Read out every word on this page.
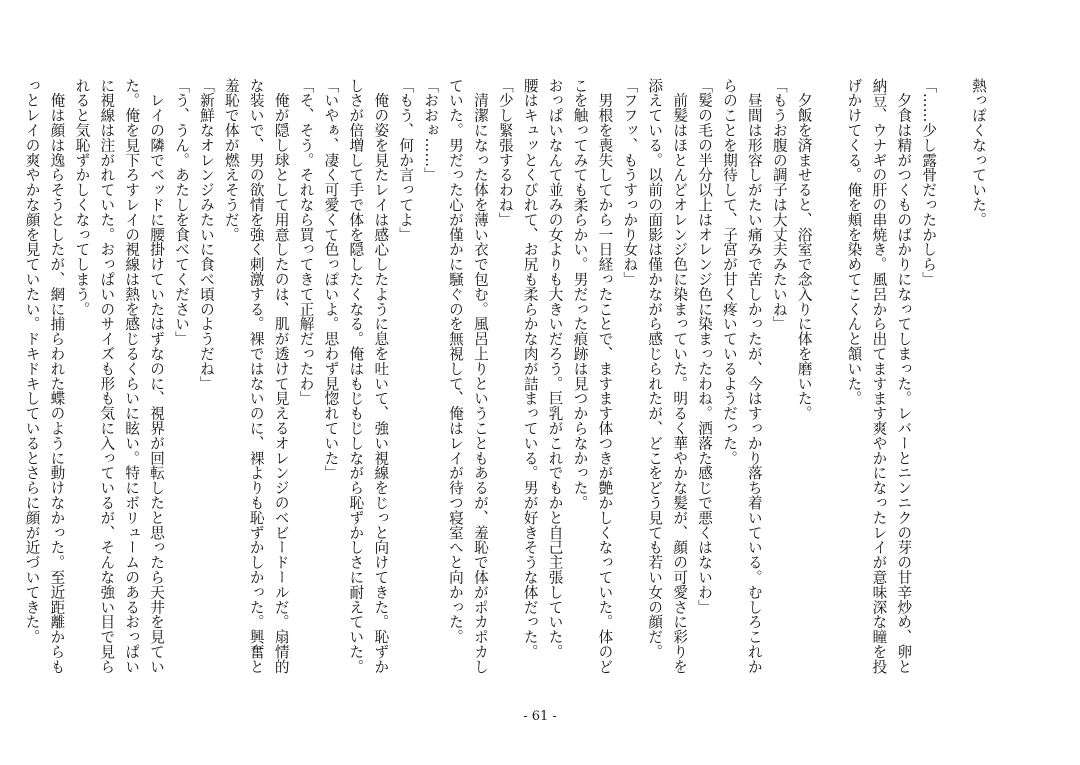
熱っぽくなっていた。

「……少し露骨だったかしら」
　夕食は精がつくものばかりになってしまった。レバーとニンニクの芽の甘辛炒め、卵と
納豆、ウナギの肝の串焼き。風呂から出てますます爽やかになったレイが意味深な瞳を投
げかけてくる。俺を頬を染めてこくんと頷いた。

　夕飯を済ませると、浴室で念入りに体を磨いた。
「もうお腹の調子は大丈夫みたいね」
　昼間は形容しがたい痛みで苦しかったが、今はすっかり落ち着いている。むしろこれか
らのことを期待して、子宮が甘く疼いているようだった。
「髪の毛の半分以上はオレンジ色に染まったわね。洒落た感じで悪くはないわ」
　前髪はほとんどオレンジ色に染まっていた。明るく華やかな髪が、顔の可愛さに彩りを
添えている。以前の面影は僅かながら感じられたが、どこをどう見ても若い女の顔だ。
「フフッ、もうすっかり女ね」
　男根を喪失してから一日経ったことで、ますます体つきが艶かしくなっていた。体のど
こを触ってみても柔らかい。男だった痕跡は見つからなかった。
おっぱいなんて並みの女よりも大きいだろう。巨乳がこれでもかと自己主張していた。
腰はキュッとくびれて、お尻も柔らかな肉が詰まっている。男が好きそうな体だった。
「少し緊張するわね」
　清潔になった体を薄い衣で包む。風呂上りということもあるが、羞恥で体がポカポカし
ていた。男だった心が僅かに騒ぐのを無視して、俺はレイが待つ寝室へと向かった。
「おおぉ……」
「もう、何か言ってよ」
　俺の姿を見たレイは感心したように息を吐いて、強い視線をじっと向けてきた。恥ずか
しさが倍増して手で体を隠したくなる。俺はもじもじしながら恥ずかしさに耐えていた。
「いやぁ、凄く可愛くて色っぽいよ。思わず見惚れていた」
「そ、そう。それなら買ってきて正解だったわ」
　俺が隠し球として用意したのは、肌が透けて見えるオレンジのベビードールだ。扇情的
な装いで、男の欲情を強く刺激する。裸ではないのに、裸よりも恥ずかしかった。興奮と
羞恥で体が燃えそうだ。
「新鮮なオレンジみたいに食べ頃のようだね」
「う、うん。あたしを食べてください」
　レイの隣でベッドに腰掛けていたはずなのに、視界が回転したと思ったら天井を見てい
た。俺を見下ろすレイの視線は熱を感じるくらいに眩い。特にボリュームのあるおっぱい
に視線は注がれていた。おっぱいのサイズも形も気に入っているが、そんな強い目で見ら
れると気恥ずかしくなってしまう。
　俺は顔は逸らそうとしたが、網に捕らわれた蝶のように動けなかった。至近距離からも
っとレイの爽やかな顔を見ていたい。ドキドキしているとさらに顔が近づいてきた。
- 61 -
